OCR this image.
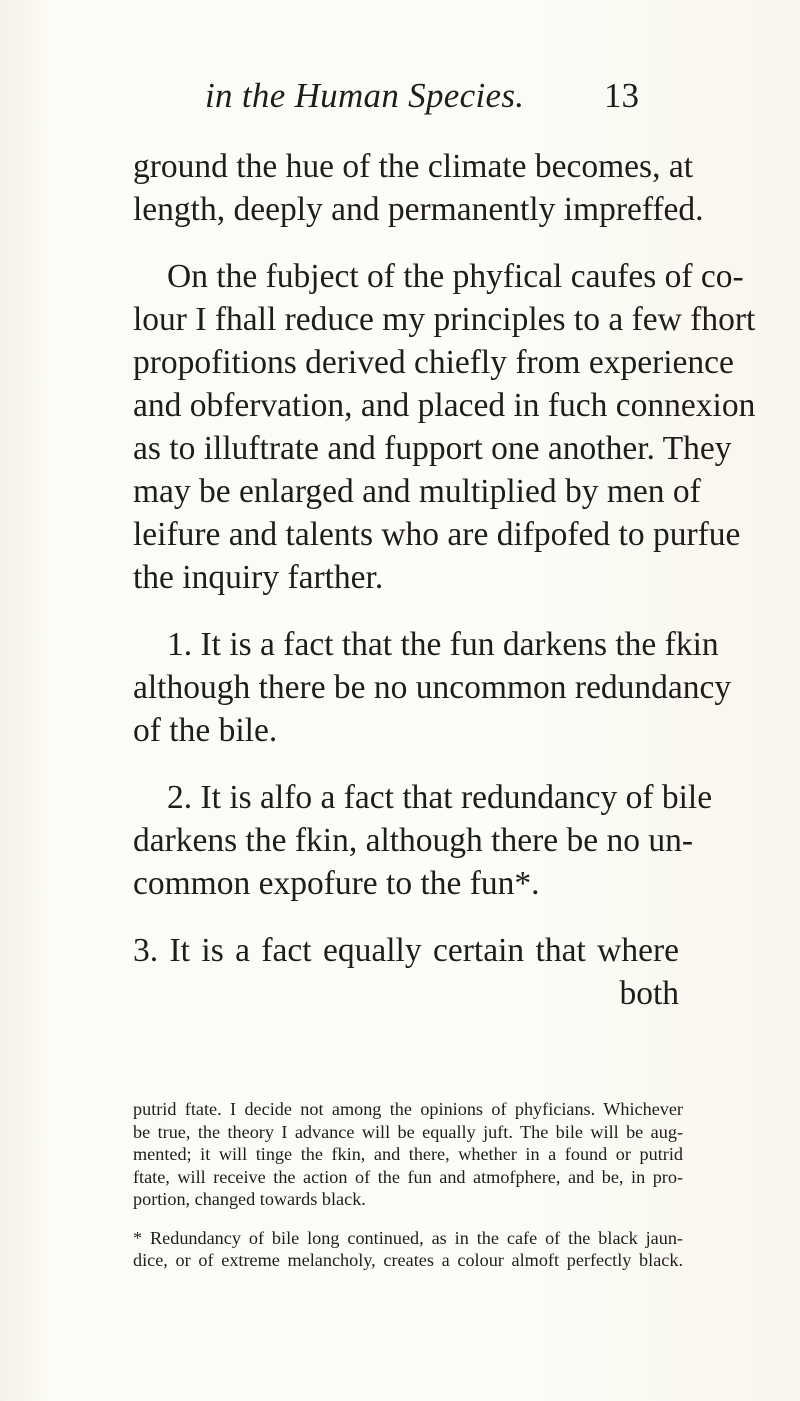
in the Human Species. 13
ground the hue of the climate becomes, at
length, deeply and permanently impreffed.
On the fubject of the phyfical caufes of co-
lour I fhall reduce my principles to a few fhort
propofitions derived chiefly from experience
and obfervation, and placed in fuch connexion
as to illuftrate and fupport one another. They
may be enlarged and multiplied by men of
leifure and talents who are difpofed to purfue
the inquiry farther.
1. It is a fact that the fun darkens the fkin
although there be no uncommon redundancy
of the bile.
2. It is alfo a fact that redundancy of bile
darkens the fkin, although there be no un-
common expofure to the fun*.
3. It is a fact equally certain that where
both
putrid ftate. I decide not among the opinions of phyficians. Whichever
be true, the theory I advance will be equally juft. The bile will be aug-
mented; it will tinge the fkin, and there, whether in a found or putrid
ftate, will receive the action of the fun and atmofphere, and be, in pro-
portion, changed towards black.
* Redundancy of bile long continued, as in the cafe of the black jaun-
dice, or of extreme melancholy, creates a colour almoft perfectly black.
